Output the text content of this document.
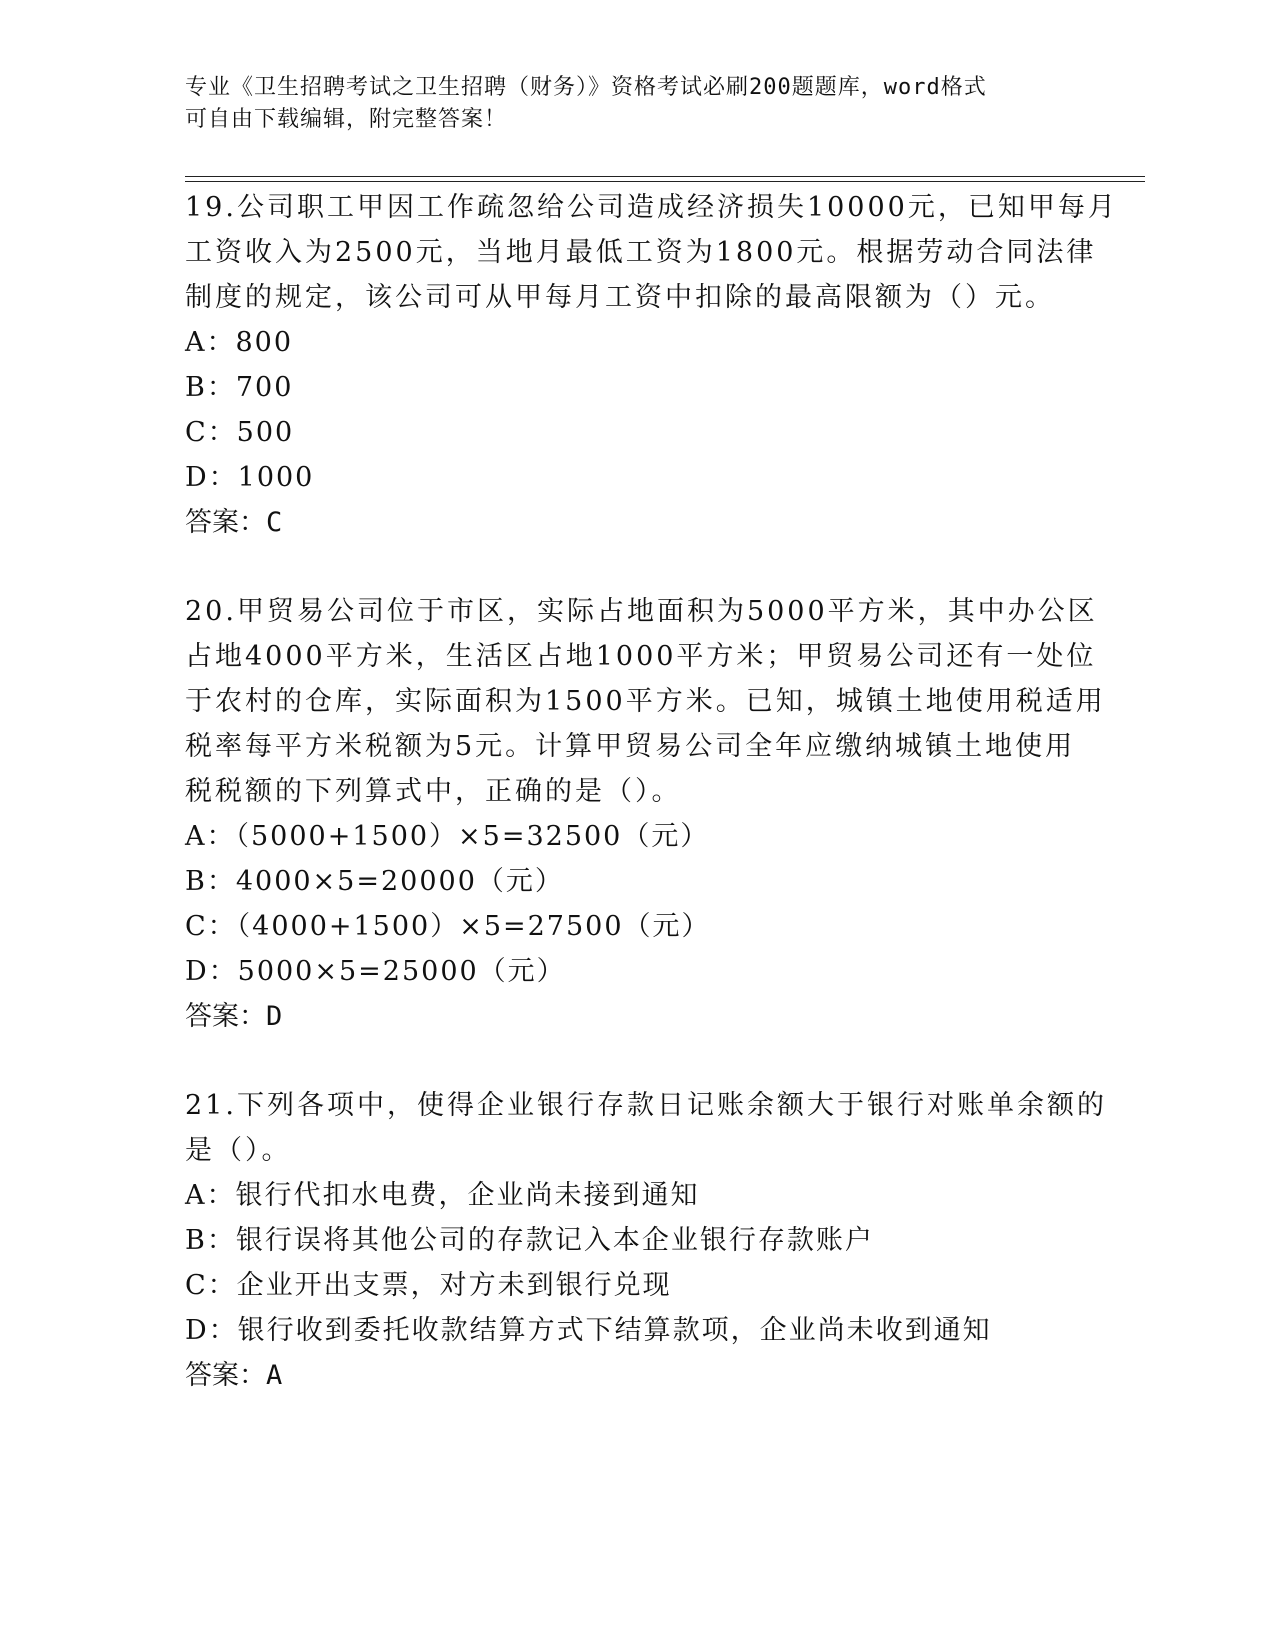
专业《卫生招聘考试之卫生招聘（财务）》资格考试必刷200题题库，word格式
可自由下载编辑，附完整答案！
19.公司职工甲因工作疏忽给公司造成经济损失10000元，已知甲每月
工资收入为2500元，当地月最低工资为1800元。根据劳动合同法律
制度的规定，该公司可从甲每月工资中扣除的最高限额为（）元。
A：800
B：700
C：500
D：1000
答案：C
20.甲贸易公司位于市区，实际占地面积为5000平方米，其中办公区
占地4000平方米，生活区占地1000平方米；甲贸易公司还有一处位
于农村的仓库，实际面积为1500平方米。已知，城镇土地使用税适用
税率每平方米税额为5元。计算甲贸易公司全年应缴纳城镇土地使用
税税额的下列算式中，正确的是（）。
A：（5000+1500）×5=32500（元）
B：4000×5=20000（元）
C：（4000+1500）×5=27500（元）
D：5000×5=25000（元）
答案：D
21.下列各项中，使得企业银行存款日记账余额大于银行对账单余额的
是（）。
A：银行代扣水电费，企业尚未接到通知
B：银行误将其他公司的存款记入本企业银行存款账户
C：企业开出支票，对方未到银行兑现
D：银行收到委托收款结算方式下结算款项，企业尚未收到通知
答案：A
